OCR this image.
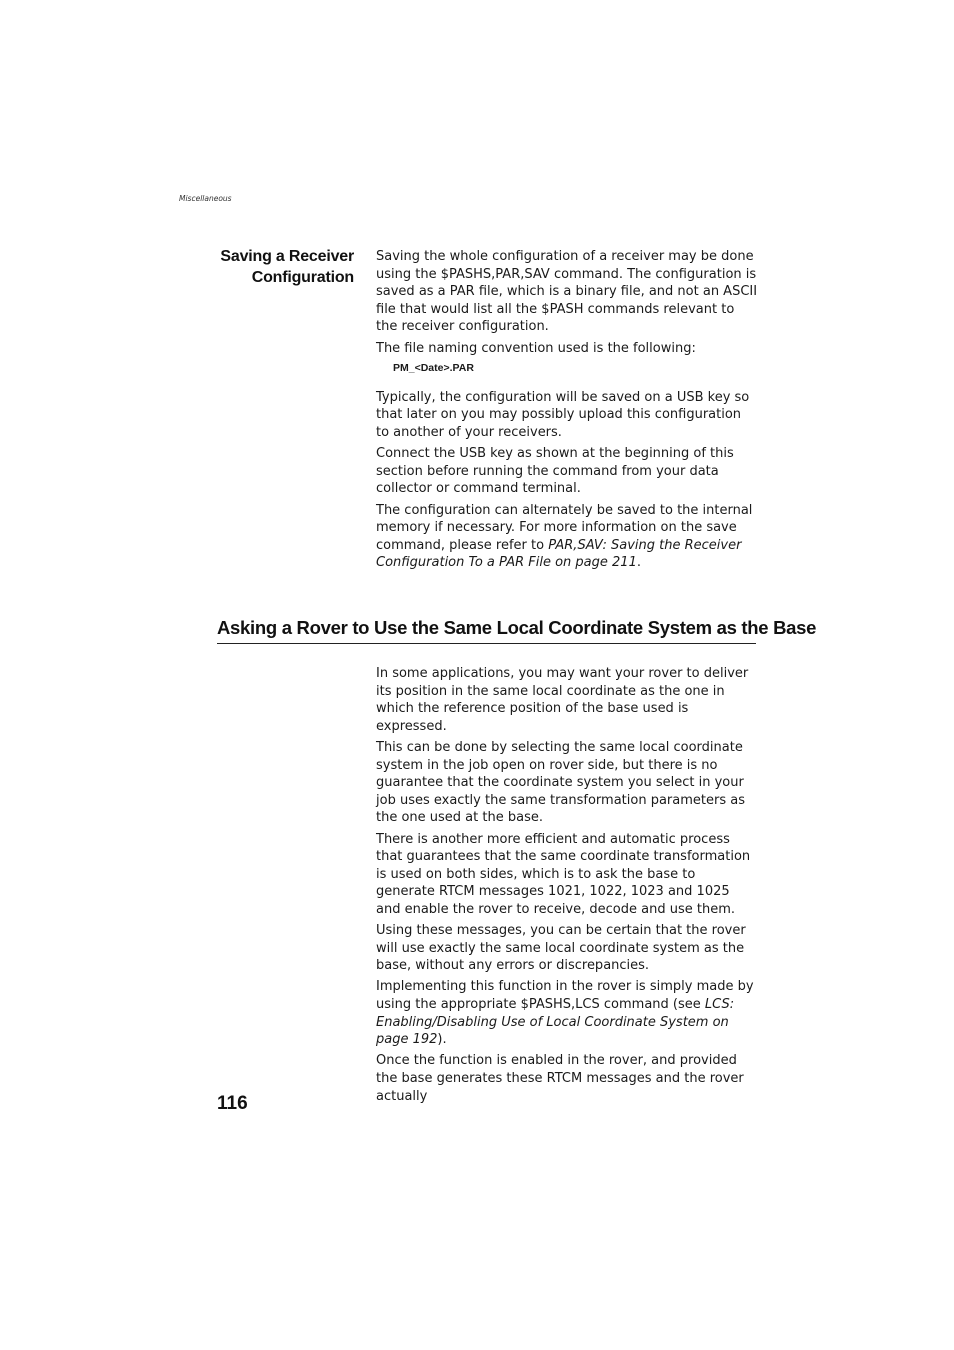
Miscellaneous
Saving a Receiver
Configuration

Saving the whole configuration of a receiver may be done using the $PASHS,PAR,SAV command. The configuration is saved as a PAR file, which is a binary file, and not an ASCII file that would list all the $PASH commands relevant to the receiver configuration.

The file naming convention used is the following:

PM_<Date>.PAR

Typically, the configuration will be saved on a USB key so that later on you may possibly upload this configuration to another of your receivers.

Connect the USB key as shown at the beginning of this section before running the command from your data collector or command terminal.

The configuration can alternately be saved to the internal memory if necessary. For more information on the save command, please refer to PAR,SAV: Saving the Receiver Configuration To a PAR File on page 211.

Asking a Rover to Use the Same Local Coordinate System as the Base

In some applications, you may want your rover to deliver its position in the same local coordinate as the one in which the reference position of the base used is expressed.

This can be done by selecting the same local coordinate system in the job open on rover side, but there is no guarantee that the coordinate system you select in your job uses exactly the same transformation parameters as the one used at the base.

There is another more efficient and automatic process that guarantees that the same coordinate transformation is used on both sides, which is to ask the base to generate RTCM messages 1021, 1022, 1023 and 1025 and enable the rover to receive, decode and use them.

Using these messages, you can be certain that the rover will use exactly the same local coordinate system as the base, without any errors or discrepancies.

Implementing this function in the rover is simply made by using the appropriate $PASHS,LCS command (see LCS: Enabling/Disabling Use of Local Coordinate System on page 192).

Once the function is enabled in the rover, and provided the base generates these RTCM messages and the rover actually

116
